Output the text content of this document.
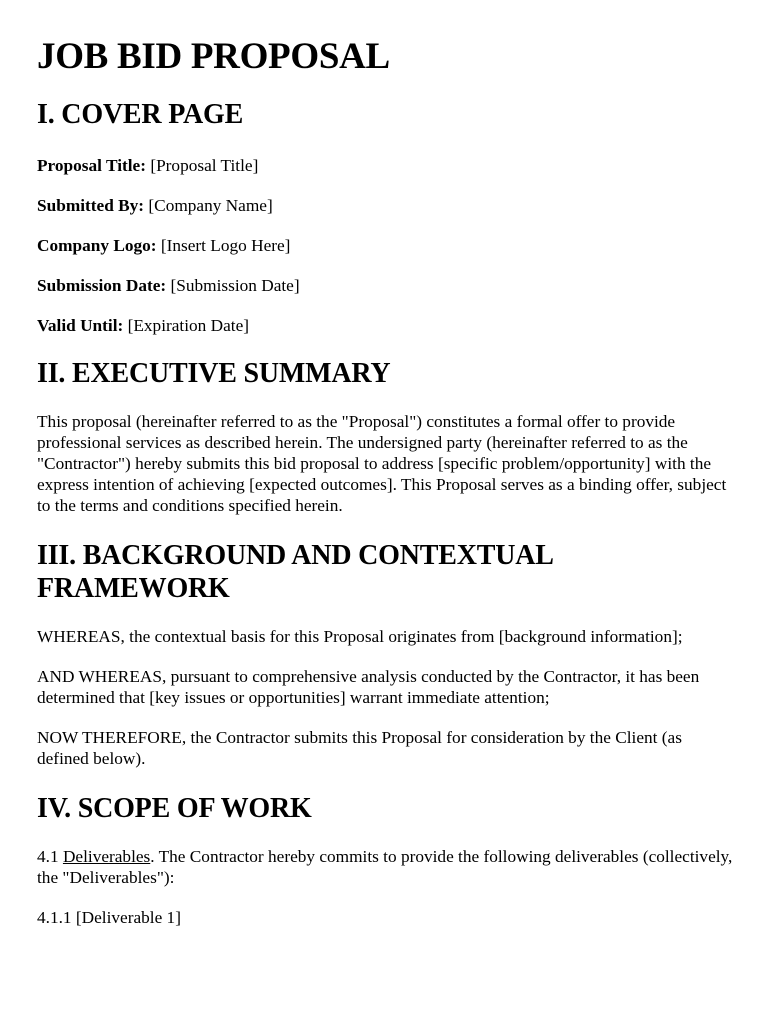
JOB BID PROPOSAL
I. COVER PAGE

Proposal Title: [Proposal Title]

Submitted By: [Company Name]

Company Logo: [Insert Logo Here]

Submission Date: [Submission Date]

Valid Until: [Expiration Date]

II. EXECUTIVE SUMMARY

This proposal (hereinafter referred to as the "Proposal") constitutes a formal offer to provide professional services as described herein. The undersigned party (hereinafter referred to as the "Contractor") hereby submits this bid proposal to address [specific problem/opportunity] with the express intention of achieving [expected outcomes]. This Proposal serves as a binding offer, subject to the terms and conditions specified herein.

III. BACKGROUND AND CONTEXTUAL FRAMEWORK

WHEREAS, the contextual basis for this Proposal originates from [background information];

AND WHEREAS, pursuant to comprehensive analysis conducted by the Contractor, it has been determined that [key issues or opportunities] warrant immediate attention;

NOW THEREFORE, the Contractor submits this Proposal for consideration by the Client (as defined below).

IV. SCOPE OF WORK

4.1 Deliverables. The Contractor hereby commits to provide the following deliverables (collectively, the "Deliverables"):

4.1.1 [Deliverable 1]
